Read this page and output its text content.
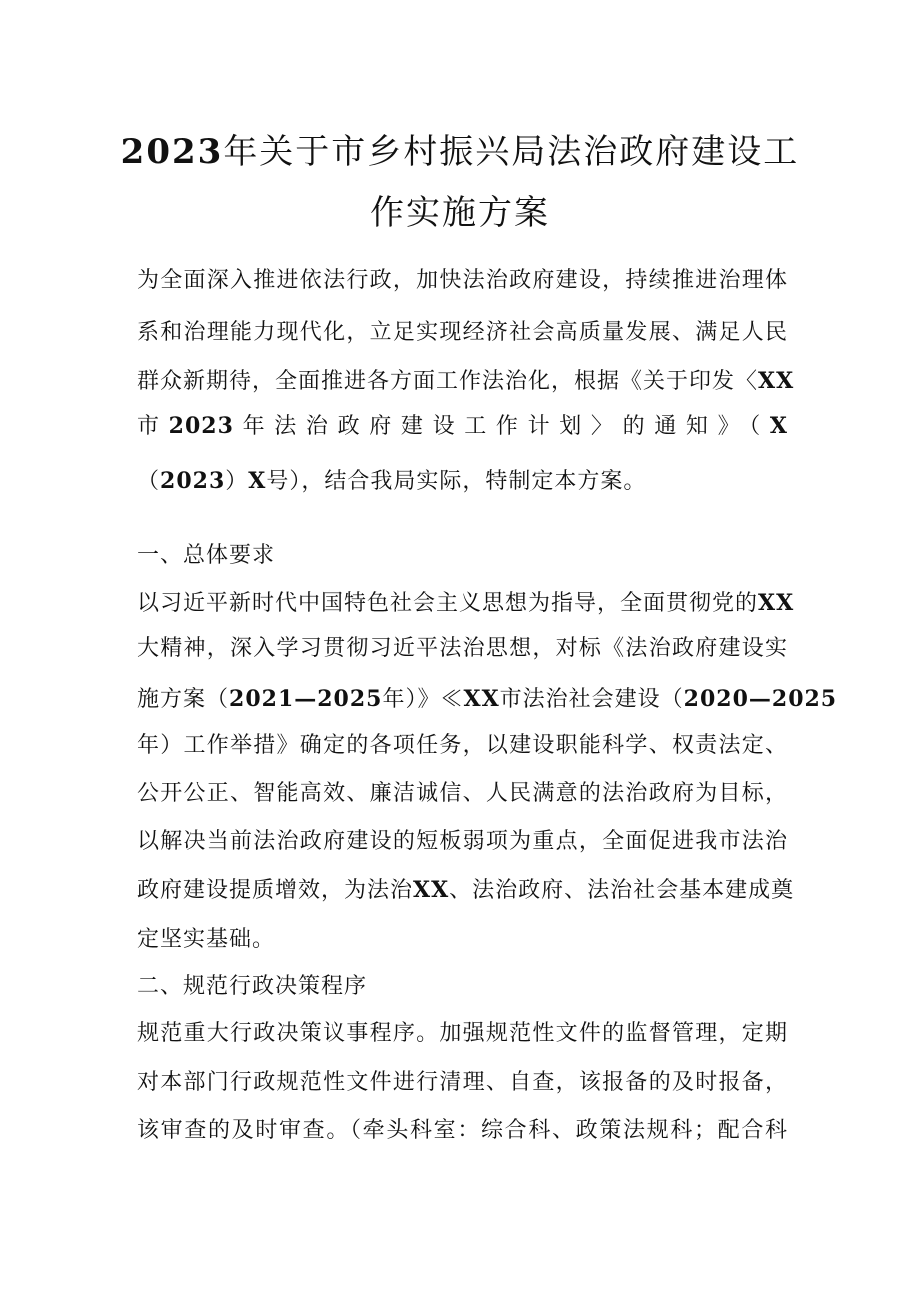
2023年关于市乡村振兴局法治政府建设工
作实施方案
为全面深入推进依法行政，加快法治政府建设，持续推进治理体
系和治理能力现代化，立足实现经济社会高质量发展、满足人民
群众新期待，全面推进各方面工作法治化，根据《关于印发〈XX
市2023年法治政府建设工作计划〉的通知》（X
（2023）X号），结合我局实际，特制定本方案。
一、总体要求
以习近平新时代中国特色社会主义思想为指导，全面贯彻党的XX
大精神，深入学习贯彻习近平法治思想，对标《法治政府建设实
施方案（2021—2025年）》≪XX市法治社会建设（2020—2025
年）工作举措》确定的各项任务，以建设职能科学、权责法定、
公开公正、智能高效、廉洁诚信、人民满意的法治政府为目标，
以解决当前法治政府建设的短板弱项为重点，全面促进我市法治
政府建设提质增效，为法治XX、法治政府、法治社会基本建成奠
定坚实基础。
二、规范行政决策程序
规范重大行政决策议事程序。加强规范性文件的监督管理，定期
对本部门行政规范性文件进行清理、自查，该报备的及时报备，
该审查的及时审查。（牵头科室：综合科、政策法规科；配合科
